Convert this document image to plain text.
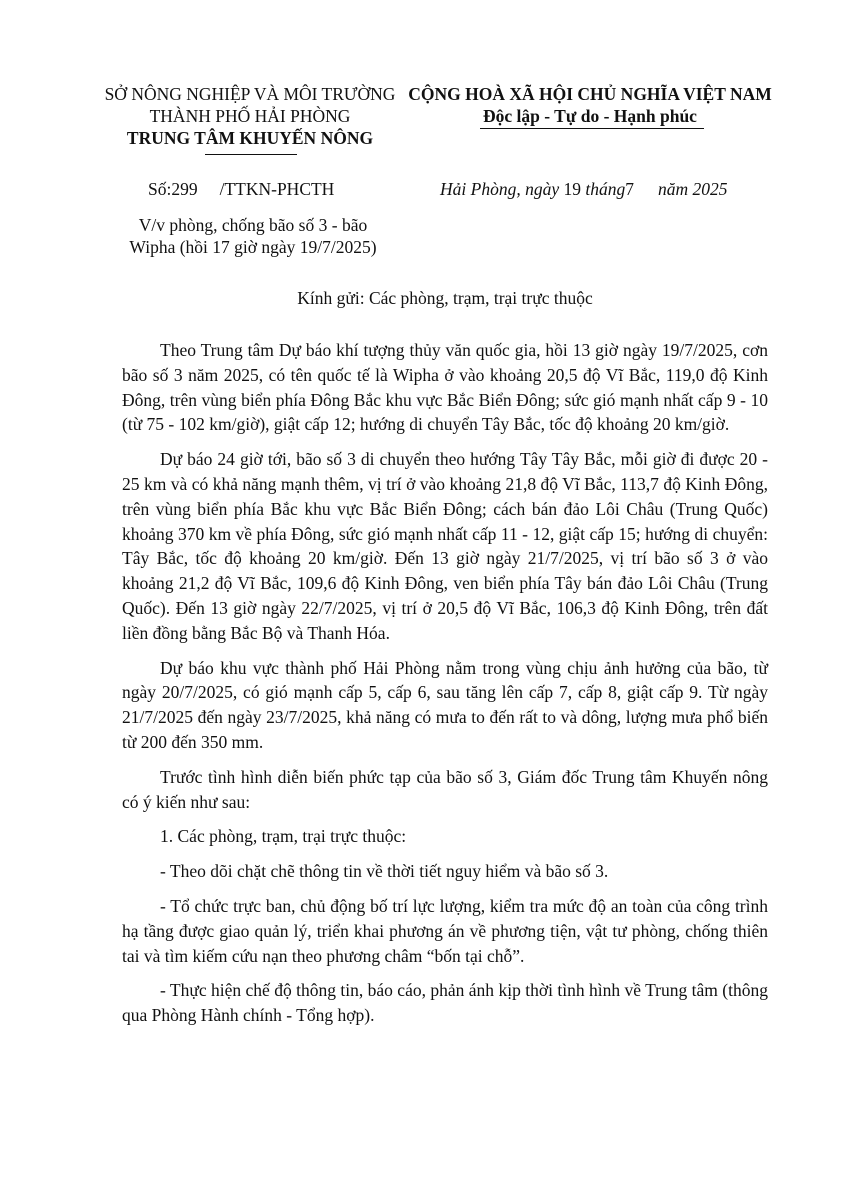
SỞ NÔNG NGHIỆP VÀ MÔI TRƯỜNG
THÀNH PHỐ HẢI PHÒNG
TRUNG TÂM KHUYẾN NÔNG
CỘNG HOÀ XÃ HỘI CHỦ NGHĨA VIỆT NAM
Độc lập - Tự do - Hạnh phúc
Số:299 /TTKN-PHCTH	Hải Phòng, ngày 19 tháng7 năm 2025
V/v phòng, chống bão số 3 - bão
Wipha (hồi 17 giờ ngày 19/7/2025)
Kính gửi: Các phòng, trạm, trại trực thuộc

Theo Trung tâm Dự báo khí tượng thủy văn quốc gia, hồi 13 giờ ngày 19/7/2025, cơn bão số 3 năm 2025, có tên quốc tế là Wipha ở vào khoảng 20,5 độ Vĩ Bắc, 119,0 độ Kinh Đông, trên vùng biển phía Đông Bắc khu vực Bắc Biển Đông; sức gió mạnh nhất cấp 9 - 10 (từ 75 - 102 km/giờ), giật cấp 12; hướng di chuyển Tây Bắc, tốc độ khoảng 20 km/giờ.

Dự báo 24 giờ tới, bão số 3 di chuyển theo hướng Tây Tây Bắc, mỗi giờ đi được 20 - 25 km và có khả năng mạnh thêm, vị trí ở vào khoảng 21,8 độ Vĩ Bắc, 113,7 độ Kinh Đông, trên vùng biển phía Bắc khu vực Bắc Biển Đông; cách bán đảo Lôi Châu (Trung Quốc) khoảng 370 km về phía Đông, sức gió mạnh nhất cấp 11 - 12, giật cấp 15; hướng di chuyển: Tây Bắc, tốc độ khoảng 20 km/giờ. Đến 13 giờ ngày 21/7/2025, vị trí bão số 3 ở vào khoảng 21,2 độ Vĩ Bắc, 109,6 độ Kinh Đông, ven biển phía Tây bán đảo Lôi Châu (Trung Quốc). Đến 13 giờ ngày 22/7/2025, vị trí ở 20,5 độ Vĩ Bắc, 106,3 độ Kinh Đông, trên đất liền đồng bằng Bắc Bộ và Thanh Hóa.

Dự báo khu vực thành phố Hải Phòng nằm trong vùng chịu ảnh hưởng của bão, từ ngày 20/7/2025, có gió mạnh cấp 5, cấp 6, sau tăng lên cấp 7, cấp 8, giật cấp 9. Từ ngày 21/7/2025 đến ngày 23/7/2025, khả năng có mưa to đến rất to và dông, lượng mưa phổ biến từ 200 đến 350 mm.

Trước tình hình diễn biến phức tạp của bão số 3, Giám đốc Trung tâm Khuyến nông có ý kiến như sau:

1. Các phòng, trạm, trại trực thuộc:

- Theo dõi chặt chẽ thông tin về thời tiết nguy hiểm và bão số 3.

- Tổ chức trực ban, chủ động bố trí lực lượng, kiểm tra mức độ an toàn của công trình hạ tầng được giao quản lý, triển khai phương án về phương tiện, vật tư phòng, chống thiên tai và tìm kiếm cứu nạn theo phương châm “bốn tại chỗ”.

- Thực hiện chế độ thông tin, báo cáo, phản ánh kịp thời tình hình về Trung tâm (thông qua Phòng Hành chính - Tổng hợp).
